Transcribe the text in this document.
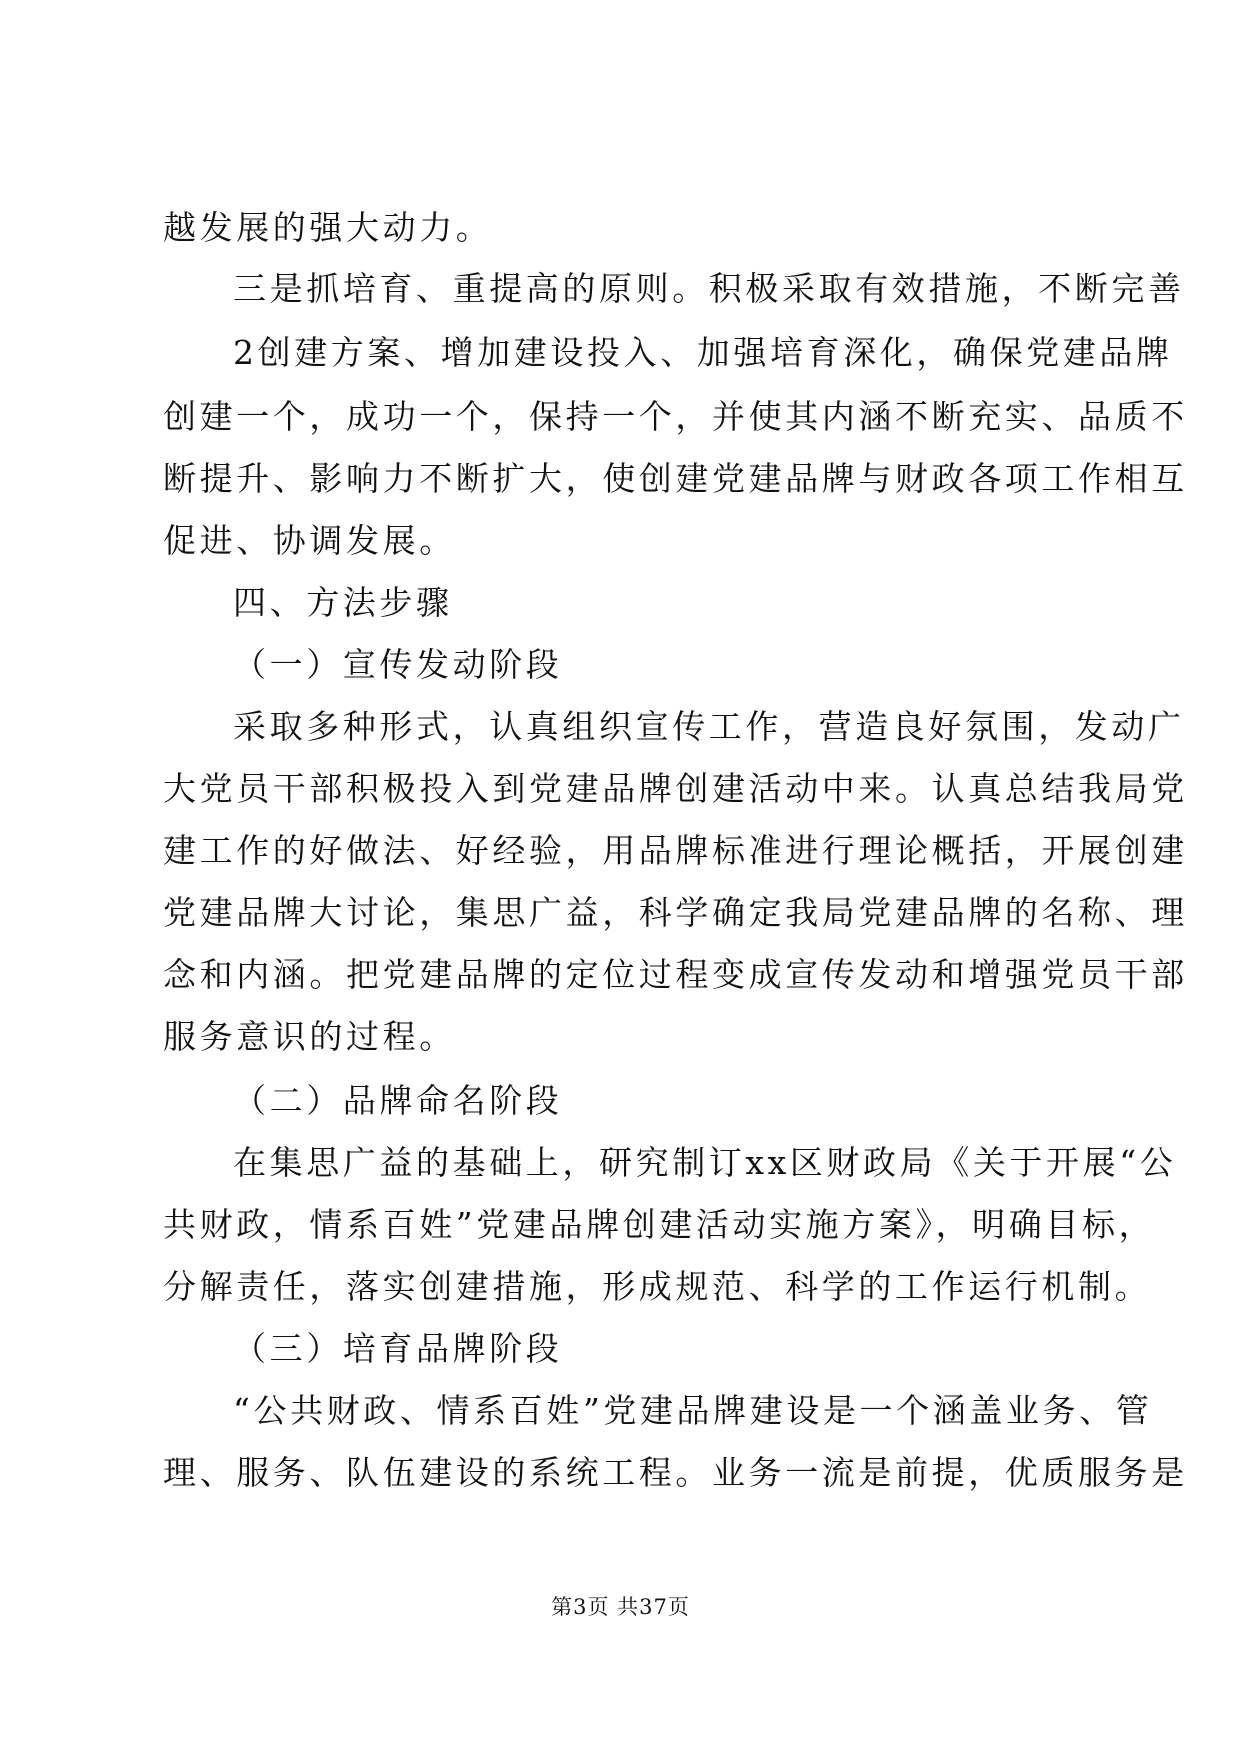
越发展的强大动力。
三是抓培育、重提高的原则。积极采取有效措施，不断完善
2创建方案、增加建设投入、加强培育深化，确保党建品牌
创建一个，成功一个，保持一个，并使其内涵不断充实、品质不
断提升、影响力不断扩大，使创建党建品牌与财政各项工作相互
促进、协调发展。
四、方法步骤
（一）宣传发动阶段
采取多种形式，认真组织宣传工作，营造良好氛围，发动广
大党员干部积极投入到党建品牌创建活动中来。认真总结我局党
建工作的好做法、好经验，用品牌标准进行理论概括，开展创建
党建品牌大讨论，集思广益，科学确定我局党建品牌的名称、理
念和内涵。把党建品牌的定位过程变成宣传发动和增强党员干部
服务意识的过程。
（二）品牌命名阶段
在集思广益的基础上，研究制订xx区财政局《关于开展“公
共财政，情系百姓”党建品牌创建活动实施方案》，明确目标，
分解责任，落实创建措施，形成规范、科学的工作运行机制。
（三）培育品牌阶段
“公共财政、情系百姓”党建品牌建设是一个涵盖业务、管
理、服务、队伍建设的系统工程。业务一流是前提，优质服务是
第3页 共37页
